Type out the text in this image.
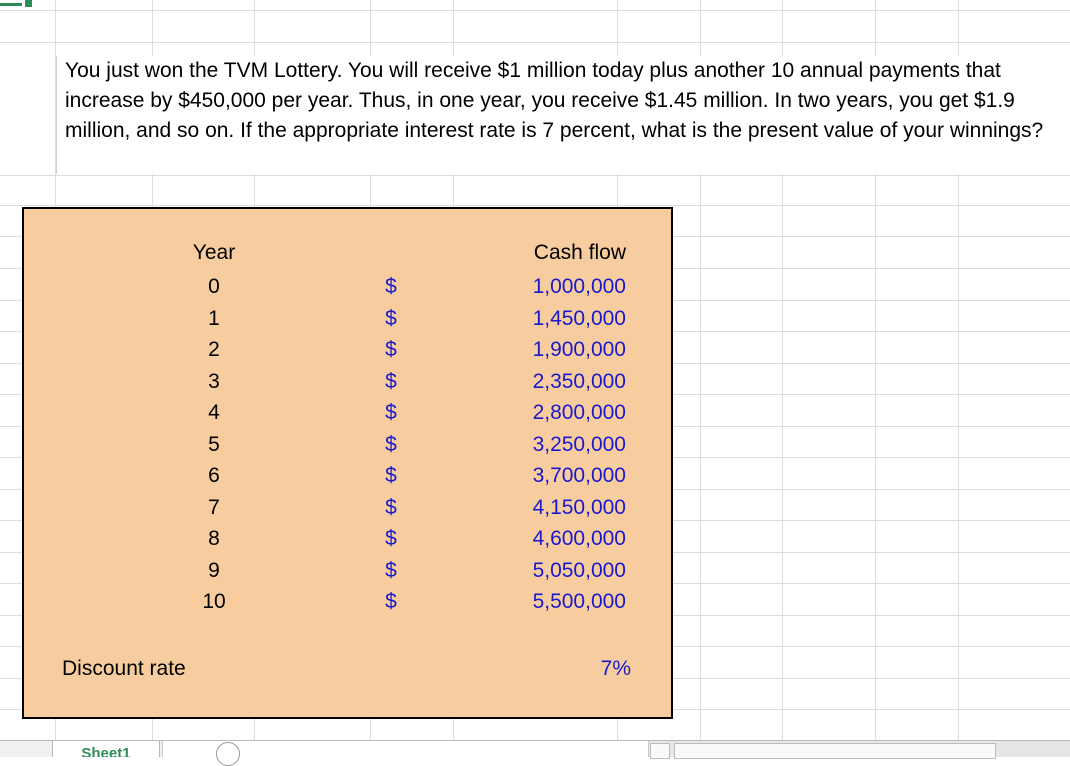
You just won the TVM Lottery. You will receive $1 million today plus another 10 annual payments that increase by $450,000 per year. Thus, in one year, you receive $1.45 million. In two years, you get $1.9 million, and so on. If the appropriate interest rate is 7 percent, what is the present value of your winnings?
Year	Cash flow
0
1
2
3
4
5
6
7
8
9
10
$
$
$
$
$
$
$
$
$
$
$
1,000,000
1,450,000
1,900,000
2,350,000
2,800,000
3,250,000
3,700,000
4,150,000
4,600,000
5,050,000
5,500,000
Discount rate	7%
Sheet1
